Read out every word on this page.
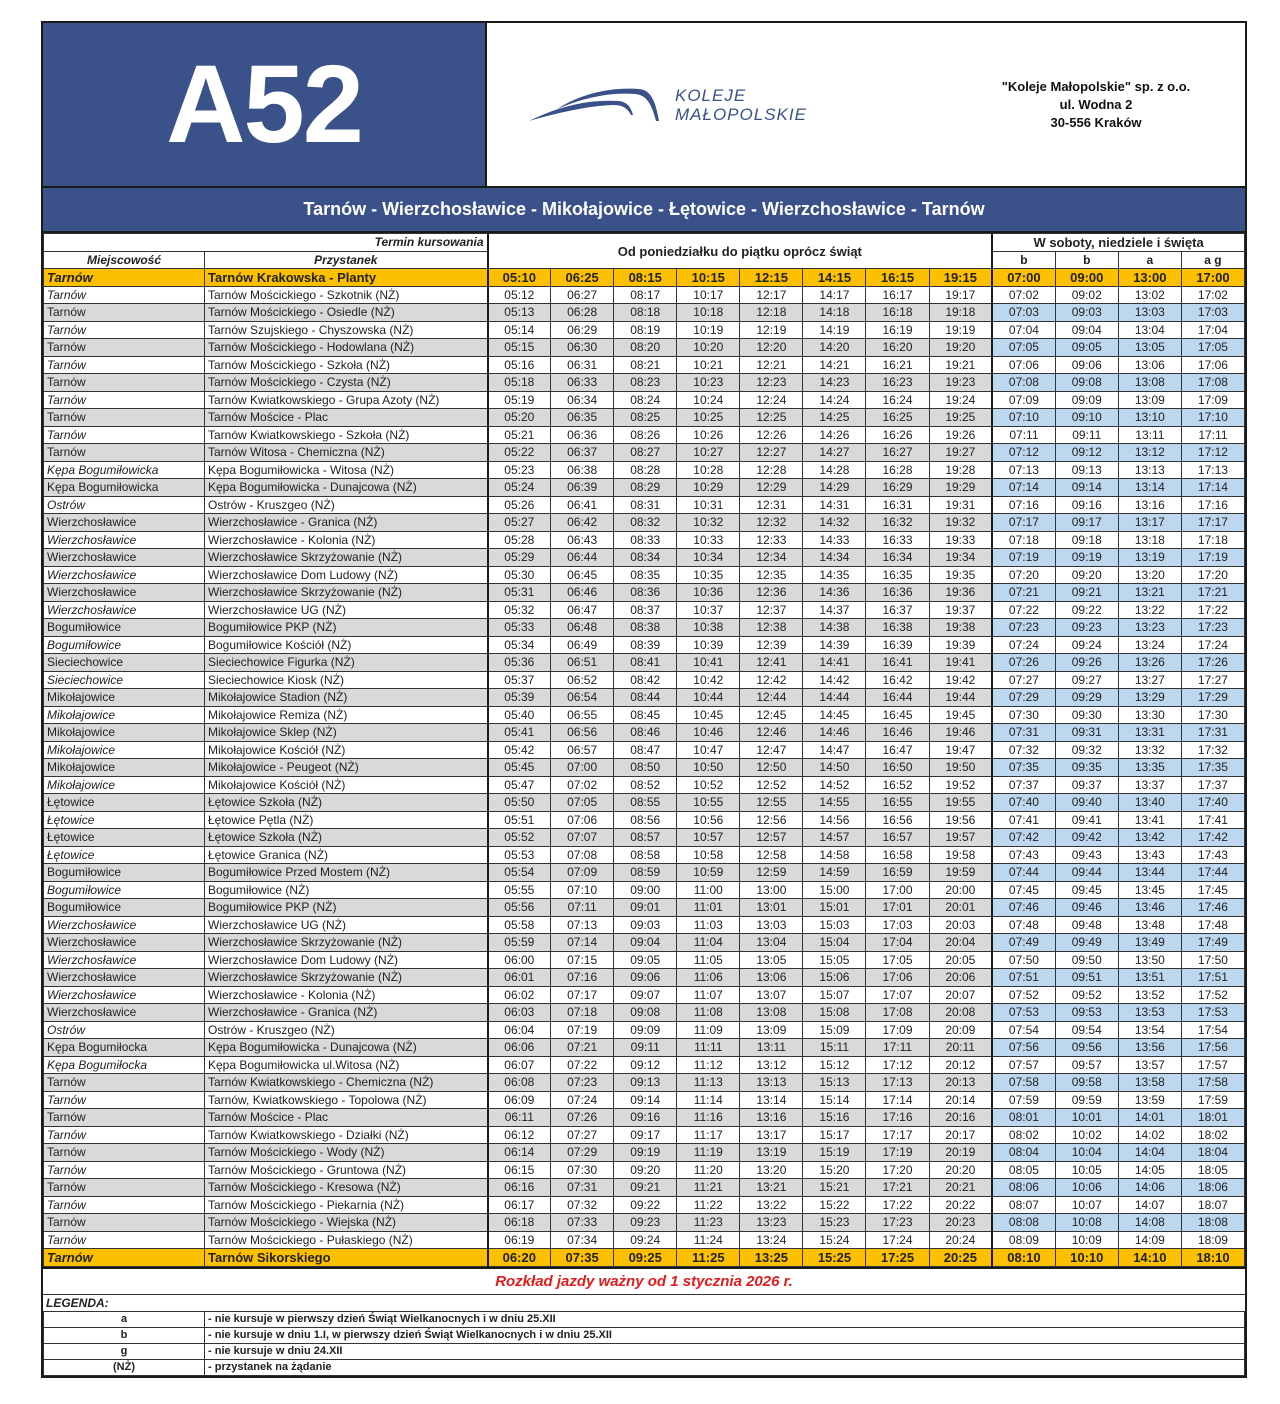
A52	KOLEJE
MAŁOPOLSKIE
"Koleje Małopolskie" sp. z o.o.
ul. Wodna 2
30-556 Kraków
Tarnów - Wierzchosławice - Mikołajowice - Łętowice - Wierzchosławice - Tarnów
Termin kursowania		Od poniedziałku do piątku oprócz świąt								W soboty, niedziele i święta			
Miejscowość	Przystanek									b	b	a	a g
Tarnów	Tarnów Krakowska - Planty	05:10	06:25	08:15	10:15	12:15	14:15	16:15	19:15	07:00	09:00	13:00	17:00
Tarnów	Tarnów Mościckiego - Szkotnik (NŻ)	05:12	06:27	08:17	10:17	12:17	14:17	16:17	19:17	07:02	09:02	13:02	17:02
Tarnów	Tarnów Mościckiego - Osiedle (NŻ)	05:13	06:28	08:18	10:18	12:18	14:18	16:18	19:18	07:03	09:03	13:03	17:03
Tarnów	Tarnów Szujskiego - Chyszowska (NŻ)	05:14	06:29	08:19	10:19	12:19	14:19	16:19	19:19	07:04	09:04	13:04	17:04
Tarnów	Tarnów Mościckiego - Hodowlana (NŻ)	05:15	06:30	08:20	10:20	12:20	14:20	16:20	19:20	07:05	09:05	13:05	17:05
Tarnów	Tarnów Mościckiego - Szkoła (NŻ)	05:16	06:31	08:21	10:21	12:21	14:21	16:21	19:21	07:06	09:06	13:06	17:06
Tarnów	Tarnów Mościckiego - Czysta (NŻ)	05:18	06:33	08:23	10:23	12:23	14:23	16:23	19:23	07:08	09:08	13:08	17:08
Tarnów	Tarnów Kwiatkowskiego - Grupa Azoty (NŻ)	05:19	06:34	08:24	10:24	12:24	14:24	16:24	19:24	07:09	09:09	13:09	17:09
Tarnów	Tarnów Mościce - Plac	05:20	06:35	08:25	10:25	12:25	14:25	16:25	19:25	07:10	09:10	13:10	17:10
Tarnów	Tarnów Kwiatkowskiego - Szkoła (NŻ)	05:21	06:36	08:26	10:26	12:26	14:26	16:26	19:26	07:11	09:11	13:11	17:11
Tarnów	Tarnów Witosa - Chemiczna (NŻ)	05:22	06:37	08:27	10:27	12:27	14:27	16:27	19:27	07:12	09:12	13:12	17:12
Kępa Bogumiłowicka	Kępa Bogumiłowicka - Witosa (NŻ)	05:23	06:38	08:28	10:28	12:28	14:28	16:28	19:28	07:13	09:13	13:13	17:13
Kępa Bogumiłowicka	Kępa Bogumiłowicka - Dunajcowa (NŻ)	05:24	06:39	08:29	10:29	12:29	14:29	16:29	19:29	07:14	09:14	13:14	17:14
Ostrów	Ostrów - Kruszgeo (NŻ)	05:26	06:41	08:31	10:31	12:31	14:31	16:31	19:31	07:16	09:16	13:16	17:16
Wierzchosławice	Wierzchosławice - Granica (NŻ)	05:27	06:42	08:32	10:32	12:32	14:32	16:32	19:32	07:17	09:17	13:17	17:17
Wierzchosławice	Wierzchosławice - Kolonia (NŻ)	05:28	06:43	08:33	10:33	12:33	14:33	16:33	19:33	07:18	09:18	13:18	17:18
Wierzchosławice	Wierzchosławice Skrzyżowanie (NŻ)	05:29	06:44	08:34	10:34	12:34	14:34	16:34	19:34	07:19	09:19	13:19	17:19
Wierzchosławice	Wierzchosławice Dom Ludowy (NŻ)	05:30	06:45	08:35	10:35	12:35	14:35	16:35	19:35	07:20	09:20	13:20	17:20
Wierzchosławice	Wierzchosławice Skrzyżowanie (NŻ)	05:31	06:46	08:36	10:36	12:36	14:36	16:36	19:36	07:21	09:21	13:21	17:21
Wierzchosławice	Wierzchosławice UG (NŻ)	05:32	06:47	08:37	10:37	12:37	14:37	16:37	19:37	07:22	09:22	13:22	17:22
Bogumiłowice	Bogumiłowice PKP (NŻ)	05:33	06:48	08:38	10:38	12:38	14:38	16:38	19:38	07:23	09:23	13:23	17:23
Bogumiłowice	Bogumiłowice Kościół (NŻ)	05:34	06:49	08:39	10:39	12:39	14:39	16:39	19:39	07:24	09:24	13:24	17:24
Sieciechowice	Sieciechowice Figurka (NŻ)	05:36	06:51	08:41	10:41	12:41	14:41	16:41	19:41	07:26	09:26	13:26	17:26
Sieciechowice	Sieciechowice Kiosk (NŻ)	05:37	06:52	08:42	10:42	12:42	14:42	16:42	19:42	07:27	09:27	13:27	17:27
Mikołajowice	Mikołajowice Stadion (NŻ)	05:39	06:54	08:44	10:44	12:44	14:44	16:44	19:44	07:29	09:29	13:29	17:29
Mikołajowice	Mikołajowice Remiza (NŻ)	05:40	06:55	08:45	10:45	12:45	14:45	16:45	19:45	07:30	09:30	13:30	17:30
Mikołajowice	Mikołajowice Sklep (NŻ)	05:41	06:56	08:46	10:46	12:46	14:46	16:46	19:46	07:31	09:31	13:31	17:31
Mikołajowice	Mikołajowice Kościół (NŻ)	05:42	06:57	08:47	10:47	12:47	14:47	16:47	19:47	07:32	09:32	13:32	17:32
Mikołajowice	Mikołajowice - Peugeot (NŻ)	05:45	07:00	08:50	10:50	12:50	14:50	16:50	19:50	07:35	09:35	13:35	17:35
Mikołajowice	Mikołajowice Kościół (NŻ)	05:47	07:02	08:52	10:52	12:52	14:52	16:52	19:52	07:37	09:37	13:37	17:37
Łętowice	Łętowice Szkoła (NŻ)	05:50	07:05	08:55	10:55	12:55	14:55	16:55	19:55	07:40	09:40	13:40	17:40
Łętowice	Łętowice Pętla (NŻ)	05:51	07:06	08:56	10:56	12:56	14:56	16:56	19:56	07:41	09:41	13:41	17:41
Łętowice	Łętowice Szkoła (NŻ)	05:52	07:07	08:57	10:57	12:57	14:57	16:57	19:57	07:42	09:42	13:42	17:42
Łętowice	Łętowice Granica (NŻ)	05:53	07:08	08:58	10:58	12:58	14:58	16:58	19:58	07:43	09:43	13:43	17:43
Bogumiłowice	Bogumiłowice Przed Mostem (NŻ)	05:54	07:09	08:59	10:59	12:59	14:59	16:59	19:59	07:44	09:44	13:44	17:44
Bogumiłowice	Bogumiłowice (NŻ)	05:55	07:10	09:00	11:00	13:00	15:00	17:00	20:00	07:45	09:45	13:45	17:45
Bogumiłowice	Bogumiłowice PKP (NŻ)	05:56	07:11	09:01	11:01	13:01	15:01	17:01	20:01	07:46	09:46	13:46	17:46
Wierzchosławice	Wierzchosławice UG (NŻ)	05:58	07:13	09:03	11:03	13:03	15:03	17:03	20:03	07:48	09:48	13:48	17:48
Wierzchosławice	Wierzchosławice Skrzyżowanie (NŻ)	05:59	07:14	09:04	11:04	13:04	15:04	17:04	20:04	07:49	09:49	13:49	17:49
Wierzchosławice	Wierzchosławice Dom Ludowy (NŻ)	06:00	07:15	09:05	11:05	13:05	15:05	17:05	20:05	07:50	09:50	13:50	17:50
Wierzchosławice	Wierzchosławice Skrzyżowanie (NŻ)	06:01	07:16	09:06	11:06	13:06	15:06	17:06	20:06	07:51	09:51	13:51	17:51
Wierzchosławice	Wierzchosławice - Kolonia (NŻ)	06:02	07:17	09:07	11:07	13:07	15:07	17:07	20:07	07:52	09:52	13:52	17:52
Wierzchosławice	Wierzchosławice - Granica (NŻ)	06:03	07:18	09:08	11:08	13:08	15:08	17:08	20:08	07:53	09:53	13:53	17:53
Ostrów	Ostrów - Kruszgeo (NŻ)	06:04	07:19	09:09	11:09	13:09	15:09	17:09	20:09	07:54	09:54	13:54	17:54
Kępa Bogumiłocka	Kępa Bogumiłowicka - Dunajcowa (NŻ)	06:06	07:21	09:11	11:11	13:11	15:11	17:11	20:11	07:56	09:56	13:56	17:56
Kępa Bogumiłocka	Kępa Bogumiłowicka ul.Witosa (NŻ)	06:07	07:22	09:12	11:12	13:12	15:12	17:12	20:12	07:57	09:57	13:57	17:57
Tarnów	Tarnów Kwiatkowskiego - Chemiczna (NŻ)	06:08	07:23	09:13	11:13	13:13	15:13	17:13	20:13	07:58	09:58	13:58	17:58
Tarnów	Tarnów, Kwiatkowskiego - Topolowa (NŻ)	06:09	07:24	09:14	11:14	13:14	15:14	17:14	20:14	07:59	09:59	13:59	17:59
Tarnów	Tarnów Mościce - Plac	06:11	07:26	09:16	11:16	13:16	15:16	17:16	20:16	08:01	10:01	14:01	18:01
Tarnów	Tarnów Kwiatkowskiego - Działki (NŻ)	06:12	07:27	09:17	11:17	13:17	15:17	17:17	20:17	08:02	10:02	14:02	18:02
Tarnów	Tarnów Mościckiego - Wody (NŻ)	06:14	07:29	09:19	11:19	13:19	15:19	17:19	20:19	08:04	10:04	14:04	18:04
Tarnów	Tarnów Mościckiego - Gruntowa (NŻ)	06:15	07:30	09:20	11:20	13:20	15:20	17:20	20:20	08:05	10:05	14:05	18:05
Tarnów	Tarnów Mościckiego - Kresowa (NŻ)	06:16	07:31	09:21	11:21	13:21	15:21	17:21	20:21	08:06	10:06	14:06	18:06
Tarnów	Tarnów Mościckiego - Piekarnia (NŻ)	06:17	07:32	09:22	11:22	13:22	15:22	17:22	20:22	08:07	10:07	14:07	18:07
Tarnów	Tarnów Mościckiego - Wiejska (NŻ)	06:18	07:33	09:23	11:23	13:23	15:23	17:23	20:23	08:08	10:08	14:08	18:08
Tarnów	Tarnów Mościckiego - Pułaskiego (NŻ)	06:19	07:34	09:24	11:24	13:24	15:24	17:24	20:24	08:09	10:09	14:09	18:09
Tarnów	Tarnów Sikorskiego	06:20	07:35	09:25	11:25	13:25	15:25	17:25	20:25	08:10	10:10	14:10	18:10
Rozkład jazdy ważny od 1 stycznia 2026 r.
LEGENDA:
a	- nie kursuje w pierwszy dzień Świąt Wielkanocnych i w dniu 25.XII
b	- nie kursuje w dniu 1.I, w pierwszy dzień Świąt Wielkanocnych i w dniu 25.XII
g	- nie kursuje w dniu 24.XII
(NŻ)	- przystanek na żądanie
